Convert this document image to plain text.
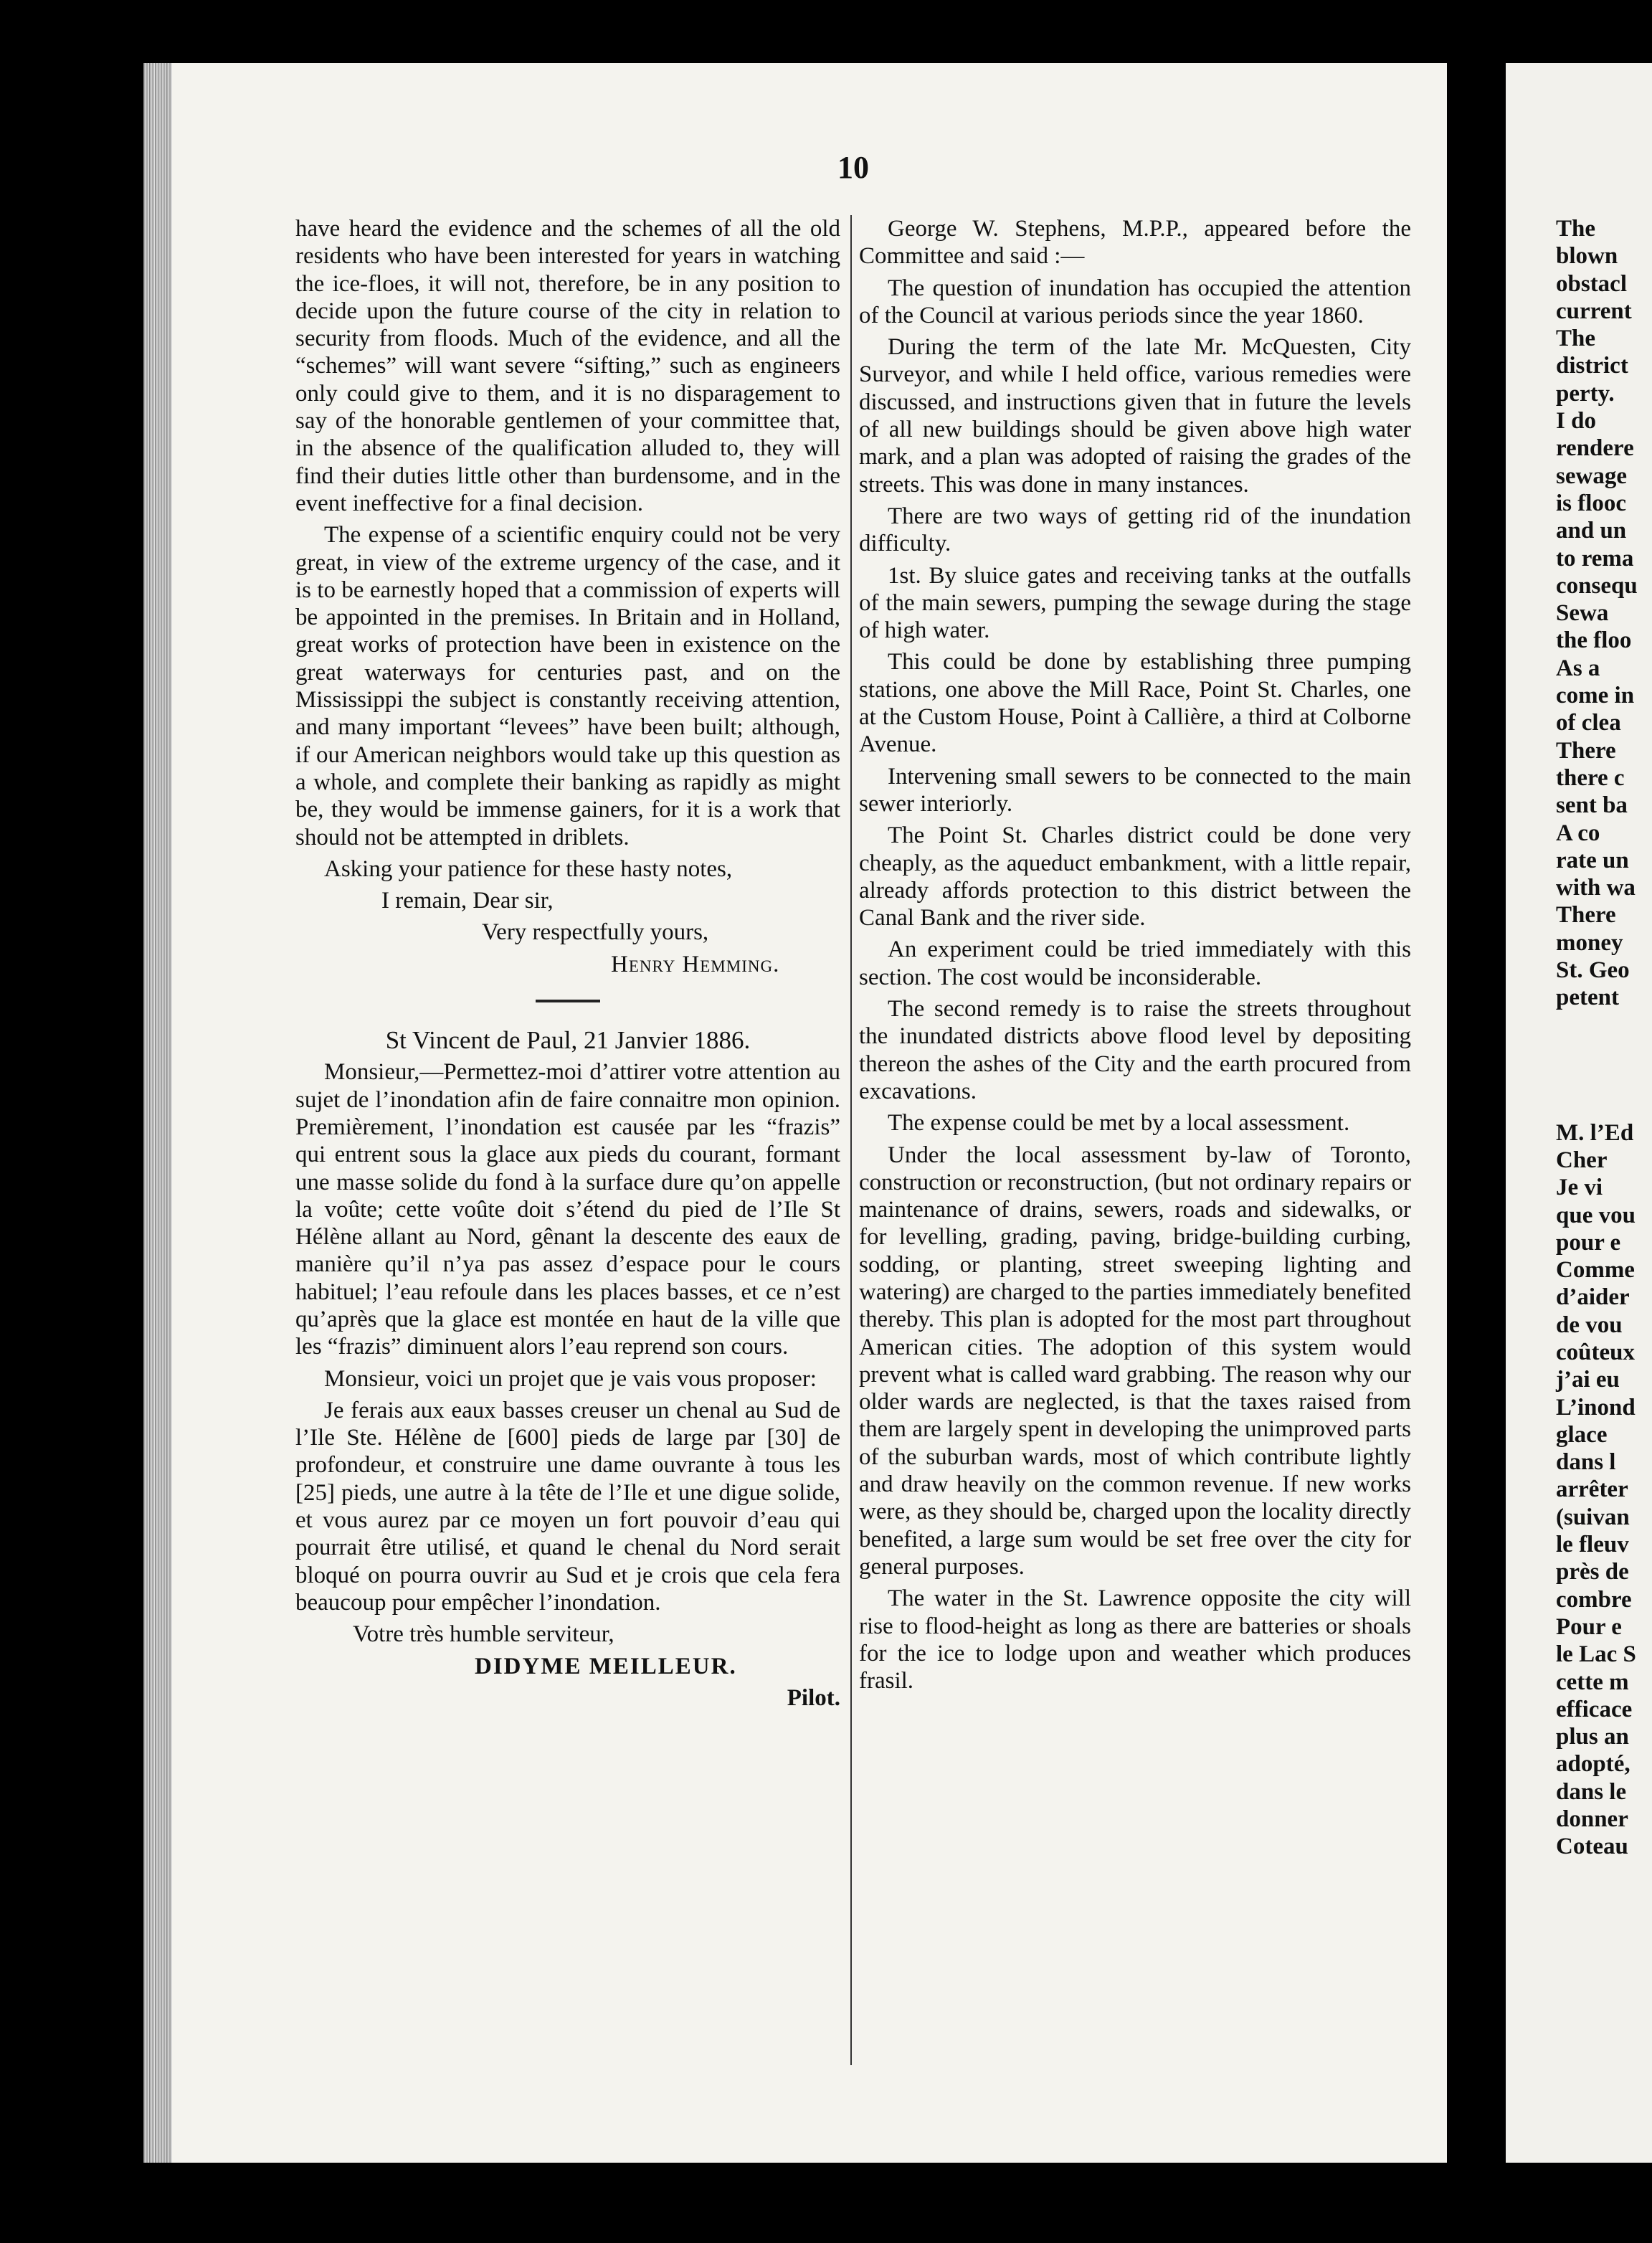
10

have heard the evidence and the schemes of all the old residents who have been interested for years in watching the ice-floes, it will not, therefore, be in any position to decide upon the future course of the city in relation to security from floods. Much of the evidence, and all the “schemes” will want severe “sifting,” such as engineers only could give to them, and it is no disparagement to say of the honorable gentlemen of your committee that, in the absence of the qualification alluded to, they will find their duties little other than burdensome, and in the event ineffective for a final decision.

The expense of a scientific enquiry could not be very great, in view of the extreme urgency of the case, and it is to be earnestly hoped that a commission of experts will be appointed in the premises. In Britain and in Holland, great works of protection have been in existence on the great waterways for centuries past, and on the Mississippi the subject is constantly receiving attention, and many important “levees” have been built; although, if our American neighbors would take up this question as a whole, and complete their banking as rapidly as might be, they would be immense gainers, for it is a work that should not be attempted in driblets.

Asking your patience for these hasty notes,

I remain, Dear sir,

Very respectfully yours,

Henry Hemming.

St Vincent de Paul, 21 Janvier 1886.

Monsieur,—Permettez-moi d’attirer votre attention au sujet de l’inondation afin de faire connaitre mon opinion. Premièrement, l’inondation est causée par les “frazis” qui entrent sous la glace aux pieds du courant, formant une masse solide du fond à la surface dure qu’on appelle la voûte; cette voûte doit s’étend du pied de l’Ile St Hélène allant au Nord, gênant la descente des eaux de manière qu’il n’ya pas assez d’espace pour le cours habituel; l’eau refoule dans les places basses, et ce n’est qu’après que la glace est montée en haut de la ville que les “frazis” diminuent alors l’eau reprend son cours.

Monsieur, voici un projet que je vais vous proposer:

Je ferais aux eaux basses creuser un chenal au Sud de l’Ile Ste. Hélène de [600] pieds de large par [30] de profondeur, et construire une dame ouvrante à tous les [25] pieds, une autre à la tête de l’Ile et une digue solide, et vous aurez par ce moyen un fort pouvoir d’eau qui pourrait être utilisé, et quand le chenal du Nord serait bloqué on pourra ouvrir au Sud et je crois que cela fera beaucoup pour empêcher l’inondation.

Votre très humble serviteur,

DIDYME MEILLEUR.

Pilot.

George W. Stephens, M.P.P., appeared before the Committee and said :—

The question of inundation has occupied the attention of the Council at various periods since the year 1860.

During the term of the late Mr. McQuesten, City Surveyor, and while I held office, various remedies were discussed, and instructions given that in future the levels of all new buildings should be given above high water mark, and a plan was adopted of raising the grades of the streets. This was done in many instances.

There are two ways of getting rid of the inundation difficulty.

1st. By sluice gates and receiving tanks at the outfalls of the main sewers, pumping the sewage during the stage of high water.

This could be done by establishing three pumping stations, one above the Mill Race, Point St. Charles, one at the Custom House, Point à Callière, a third at Colborne Avenue.

Intervening small sewers to be connected to the main sewer interiorly.

The Point St. Charles district could be done very cheaply, as the aqueduct embankment, with a little repair, already affords protection to this district between the Canal Bank and the river side.

An experiment could be tried immediately with this section. The cost would be inconsiderable.

The second remedy is to raise the streets throughout the inundated districts above flood level by depositing thereon the ashes of the City and the earth procured from excavations.

The expense could be met by a local assessment.

Under the local assessment by-law of Toronto, construction or reconstruction, (but not ordinary repairs or maintenance of drains, sewers, roads and sidewalks, or for levelling, grading, paving, bridge-building curbing, sodding, or planting, street sweeping lighting and watering) are charged to the parties immediately benefited thereby. This plan is adopted for the most part throughout American cities. The adoption of this system would prevent what is called ward grabbing. The reason why our older wards are neglected, is that the taxes raised from them are largely spent in developing the unimproved parts of the suburban wards, most of which contribute lightly and draw heavily on the common revenue. If new works were, as they should be, charged upon the locality directly benefited, a large sum would be set free over the city for general purposes.

The water in the St. Lawrence opposite the city will rise to flood-height as long as there are batteries or shoals for the ice to lodge upon and weather which produces frasil.

The

blown

obstacl

current

The

district

perty.

I do

rendere

sewage

is flooc

and un

to rema

consequ

Sewa

the floo

As a

come in

of clea

There

there c

sent ba

A co

rate un

with wa

There

money

St. Geo

petent

M. l’Ed

Cher

Je vi

que vou

pour e

Comme

d’aider

de vou

coûteux

j’ai eu

L’inond

glace

dans l

arrêter

(suivan

le fleuv

près de

combre

Pour e

le Lac S

cette m

efficace

plus an

adopté,

dans le

donner

Coteau
